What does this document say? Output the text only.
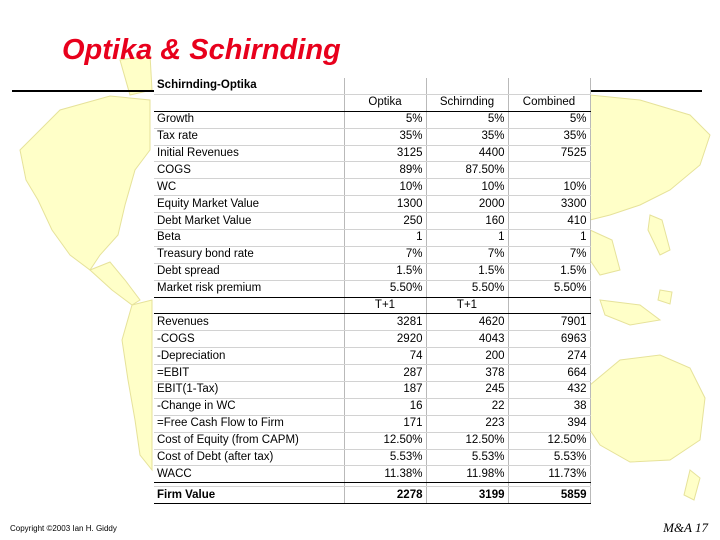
Optika & Schirnding
Schirnding-Optika			
	Optika	Schirnding	Combined
Growth	5%	5%	5%
Tax rate	35%	35%	35%
Initial Revenues	3125	4400	7525
COGS	89%	87.50%	
WC	10%	10%	10%
Equity Market Value	1300	2000	3300
Debt Market Value	250	160	410
Beta	1	1	1
Treasury bond rate	7%	7%	7%
Debt spread	1.5%	1.5%	1.5%
Market risk premium	5.50%	5.50%	5.50%
	T+1	T+1	
Revenues	3281	4620	7901
-COGS	2920	4043	6963
-Depreciation	74	200	274
=EBIT	287	378	664
EBIT(1-Tax)	187	245	432
-Change in WC	16	22	38
=Free Cash Flow to Firm	171	223	394
Cost of Equity (from CAPM)	12.50%	12.50%	12.50%
Cost of Debt (after tax)	5.53%	5.53%	5.53%
WACC	11.38%	11.98%	11.73%

Firm Value	2278	3199	5859
Copyright ©2003 Ian H. Giddy	M&A 17
